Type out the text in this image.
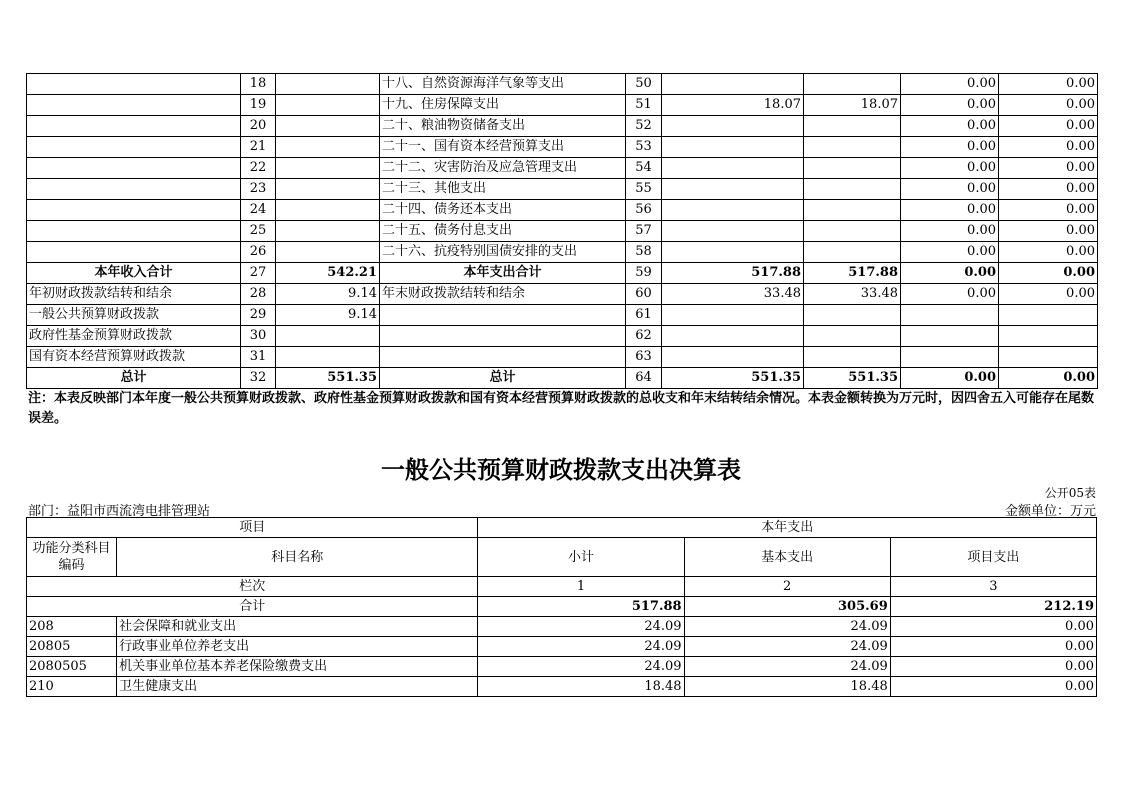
	18		十八、自然资源海洋气象等支出	50			0.00	0.00
	19		十九、住房保障支出	51	18.07	18.07	0.00	0.00
	20		二十、粮油物资储备支出	52			0.00	0.00
	21		二十一、国有资本经营预算支出	53			0.00	0.00
	22		二十二、灾害防治及应急管理支出	54			0.00	0.00
	23		二十三、其他支出	55			0.00	0.00
	24		二十四、债务还本支出	56			0.00	0.00
	25		二十五、债务付息支出	57			0.00	0.00
	26		二十六、抗疫特别国债安排的支出	58			0.00	0.00
本年收入合计	27	542.21	本年支出合计	59	517.88	517.88	0.00	0.00
年初财政拨款结转和结余	28	9.14	年末财政拨款结转和结余	60	33.48	33.48	0.00	0.00
一般公共预算财政拨款	29	9.14		61				
政府性基金预算财政拨款	30			62				
国有资本经营预算财政拨款	31			63				
总计	32	551.35	总计	64	551.35	551.35	0.00	0.00
注：本表反映部门本年度一般公共预算财政拨款、政府性基金预算财政拨款和国有资本经营预算财政拨款的总收支和年末结转结余情况。本表金额转换为万元时，因四舍五入可能存在尾数误差。
一般公共预算财政拨款支出决算表
公开05表
部门：益阳市西流湾电排管理站	金额单位：万元
项目		本年支出		
功能分类科目编码	科目名称	小计	基本支出	项目支出
栏次		1	2	3
合计		517.88	305.69	212.19
208	社会保障和就业支出	24.09	24.09	0.00
20805	行政事业单位养老支出	24.09	24.09	0.00
2080505	机关事业单位基本养老保险缴费支出	24.09	24.09	0.00
210	卫生健康支出	18.48	18.48	0.00
